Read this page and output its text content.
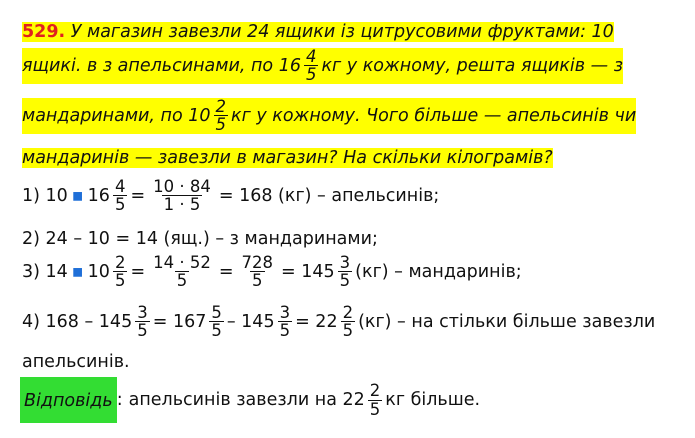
529. У магазин завезли 24 ящики із цитрусовими фруктами: 10
ящикі. в з апельсинами, по $16 \frac{4}{5}$ кг у кожному, решта ящиків — з
мандаринами, по $10 \frac{2}{5}$ кг у кожному. Чого більше — апельсинів чи
мандаринів — завезли в магазин? На скільки кілограмів?
1) 10 ▪ $16 \frac{4}{5} = \frac{10 \cdot 84}{1 \cdot 5} = 168$ (кг) – апельсинів;
2) 24 – 10 = 14 (ящ.) – з мандаринами;
3) 14 ▪ $10 \frac{2}{5} = \frac{14 \cdot 52}{5} = \frac{728}{5} = 145 \frac{3}{5} (кг)$ – мандаринів;
4) $168 - 145 \frac{3}{5} = 167 \frac{5}{5} - 145 \frac{3}{5} = 22 \frac{2}{5} (кг)$ – на стільки більше завезли
апельсинів.
Відповідь : апельсинів завезли на $22 \frac{2}{5}$ кг більше.
